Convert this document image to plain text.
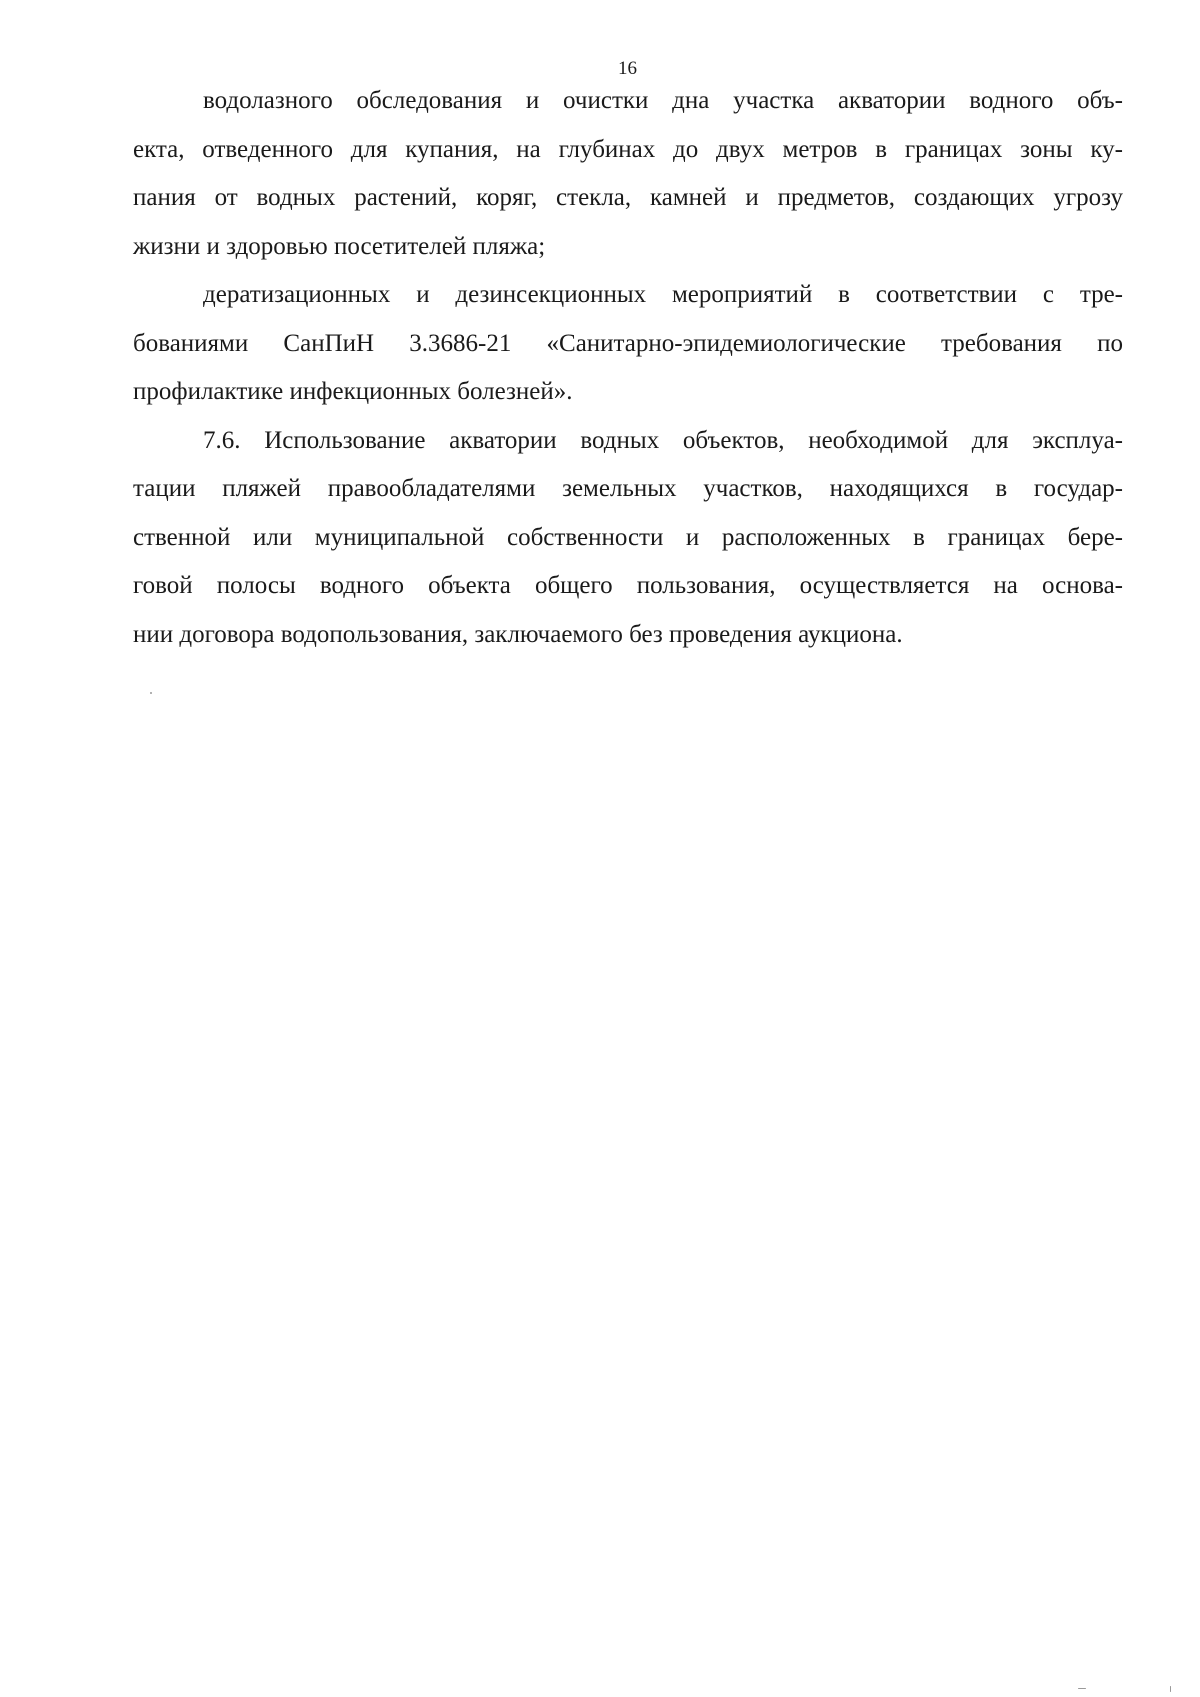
16
водолазного обследования и очистки дна участка акватории водного объ-
екта, отведенного для купания, на глубинах до двух метров в границах зоны ку-
пания от водных растений, коряг, стекла, камней и предметов, создающих угрозу
жизни и здоровью посетителей пляжа;
дератизационных и дезинсекционных мероприятий в соответствии с тре-
бованиями СанПиН 3.3686-21 «Санитарно-эпидемиологические требования по
профилактике инфекционных болезней».
7.6. Использование акватории водных объектов, необходимой для эксплуа-
тации пляжей правообладателями земельных участков, находящихся в государ-
ственной или муниципальной собственности и расположенных в границах бере-
говой полосы водного объекта общего пользования, осуществляется на основа-
нии договора водопользования, заключаемого без проведения аукциона.
